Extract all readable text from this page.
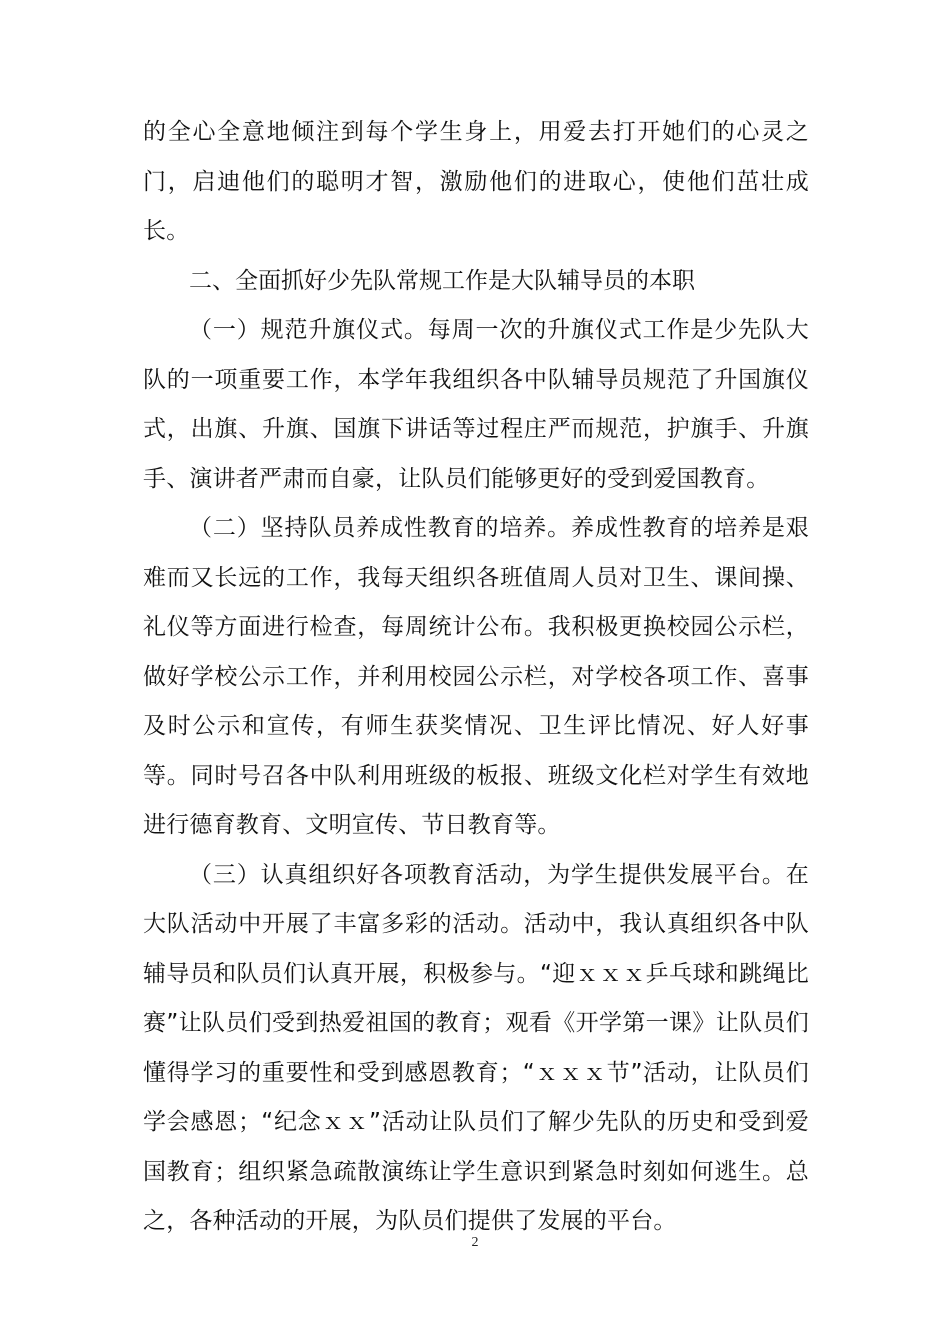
的全心全意地倾注到每个学生身上，用爱去打开她们的心灵之门，启迪他们的聪明才智，激励他们的进取心，使他们茁壮成长。

二、全面抓好少先队常规工作是大队辅导员的本职

（一）规范升旗仪式。每周一次的升旗仪式工作是少先队大队的一项重要工作，本学年我组织各中队辅导员规范了升国旗仪式，出旗、升旗、国旗下讲话等过程庄严而规范，护旗手、升旗手、演讲者严肃而自豪，让队员们能够更好的受到爱国教育。

（二）坚持队员养成性教育的培养。养成性教育的培养是艰难而又长远的工作，我每天组织各班值周人员对卫生、课间操、礼仪等方面进行检查，每周统计公布。我积极更换校园公示栏，做好学校公示工作，并利用校园公示栏，对学校各项工作、喜事及时公示和宣传，有师生获奖情况、卫生评比情况、好人好事等。同时号召各中队利用班级的板报、班级文化栏对学生有效地进行德育教育、文明宣传、节日教育等。

（三）认真组织好各项教育活动，为学生提供发展平台。在大队活动中开展了丰富多彩的活动。活动中，我认真组织各中队辅导员和队员们认真开展，积极参与。“迎ｘｘｘ乒乓球和跳绳比赛”让队员们受到热爱祖国的教育；观看《开学第一课》让队员们懂得学习的重要性和受到感恩教育；“ｘｘｘ节”活动，让队员们学会感恩；“纪念ｘｘ”活动让队员们了解少先队的历史和受到爱国教育；组织紧急疏散演练让学生意识到紧急时刻如何逃生。总之，各种活动的开展，为队员们提供了发展的平台。

2
